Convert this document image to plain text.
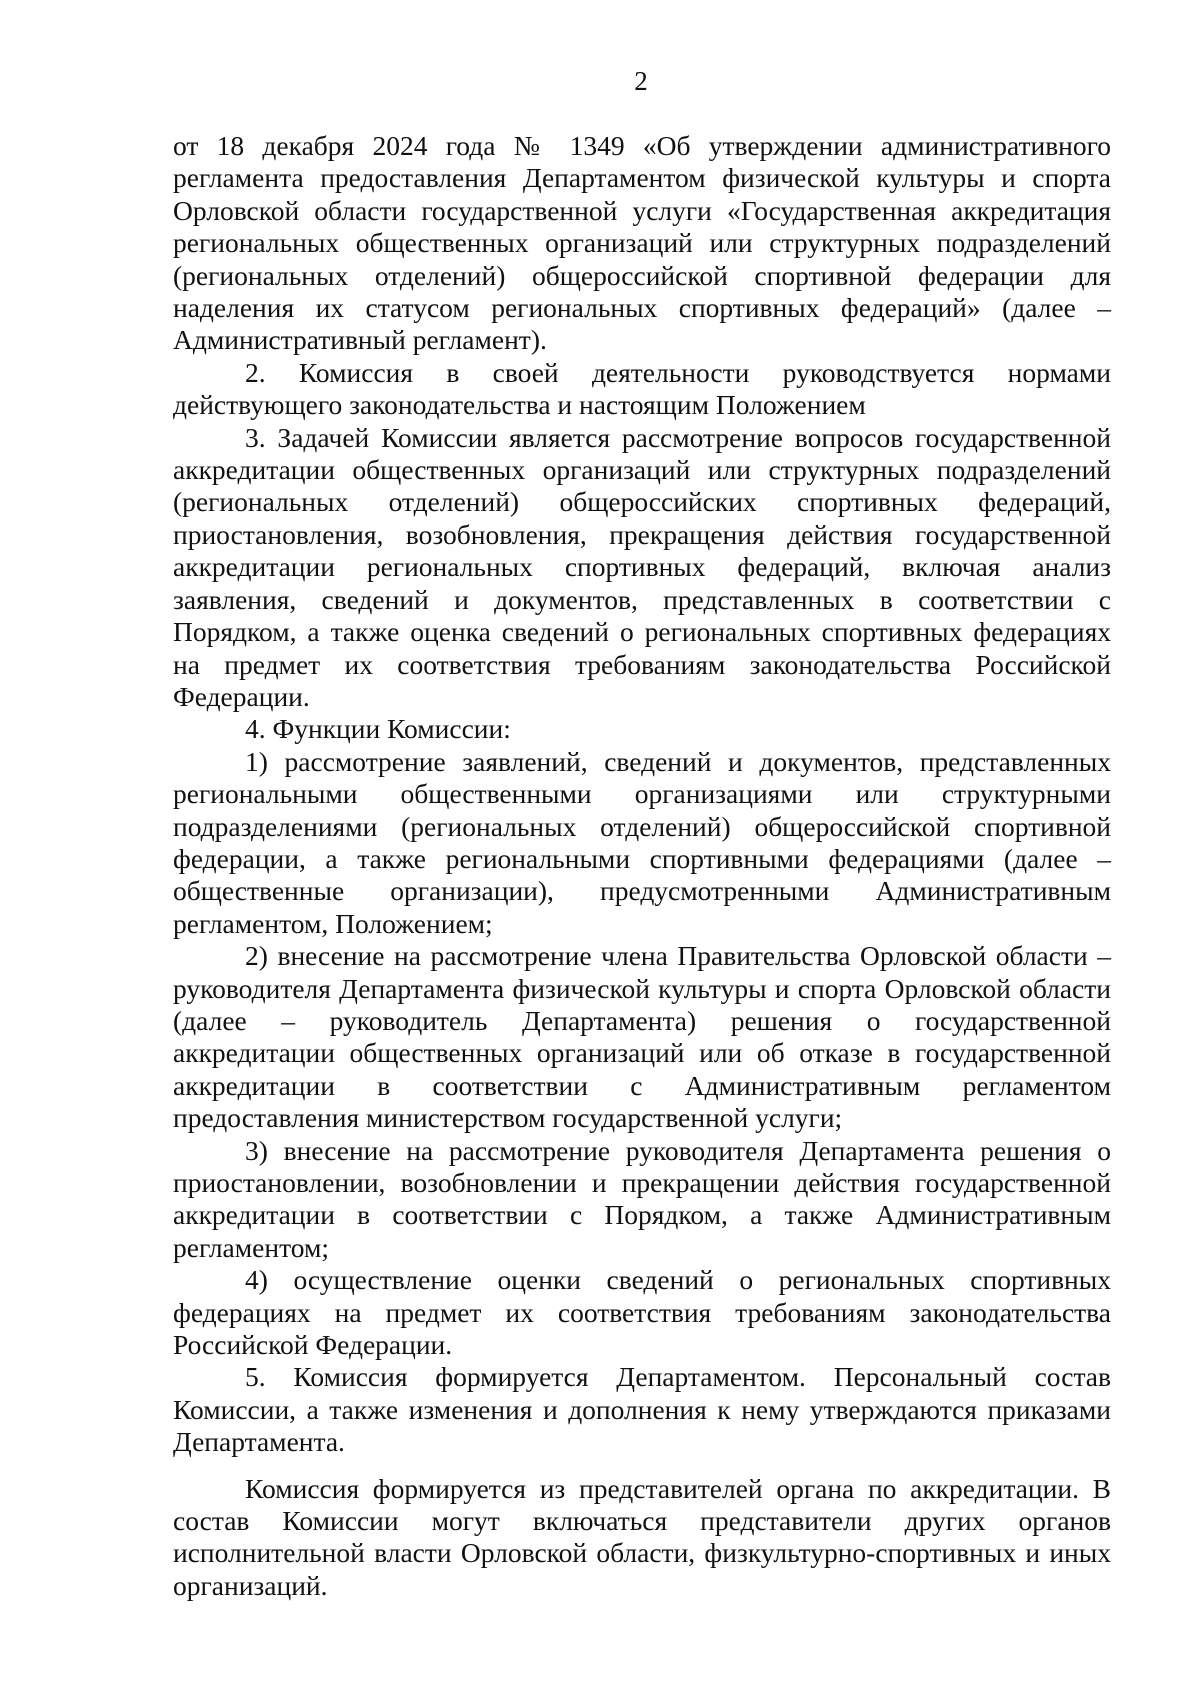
2

от 18 декабря 2024 года № 1349 «Об утверждении административного регламента предоставления Департаментом физической культуры и спорта Орловской области государственной услуги «Государственная аккредитация региональных общественных организаций или структурных подразделений (региональных отделений) общероссийской спортивной федерации для наделения их статусом региональных спортивных федераций» (далее – Административный регламент).

2. Комиссия в своей деятельности руководствуется нормами действующего законодательства и настоящим Положением

3. Задачей Комиссии является рассмотрение вопросов государственной аккредитации общественных организаций или структурных подразделений (региональных отделений) общероссийских спортивных федераций, приостановления, возобновления, прекращения действия государственной аккредитации региональных спортивных федераций, включая анализ заявления, сведений и документов, представленных в соответствии с Порядком, а также оценка сведений о региональных спортивных федерациях на предмет их соответствия требованиям законодательства Российской Федерации.

4. Функции Комиссии:

1) рассмотрение заявлений, сведений и документов, представленных региональными общественными организациями или структурными подразделениями (региональных отделений) общероссийской спортивной федерации, а также региональными спортивными федерациями (далее – общественные организации), предусмотренными Административным регламентом, Положением;

2) внесение на рассмотрение члена Правительства Орловской области – руководителя Департамента физической культуры и спорта Орловской области (далее – руководитель Департамента) решения о государственной аккредитации общественных организаций или об отказе в государственной аккредитации в соответствии с Административным регламентом предоставления министерством государственной услуги;

3) внесение на рассмотрение руководителя Департамента решения о приостановлении, возобновлении и прекращении действия государственной аккредитации в соответствии с Порядком, а также Административным регламентом;

4) осуществление оценки сведений о региональных спортивных федерациях на предмет их соответствия требованиям законодательства Российской Федерации.

5. Комиссия формируется Департаментом. Персональный состав Комиссии, а также изменения и дополнения к нему утверждаются приказами Департамента.

Комиссия формируется из представителей органа по аккредитации. В состав Комиссии могут включаться представители других органов исполнительной власти Орловской области, физкультурно-спортивных и иных организаций.
